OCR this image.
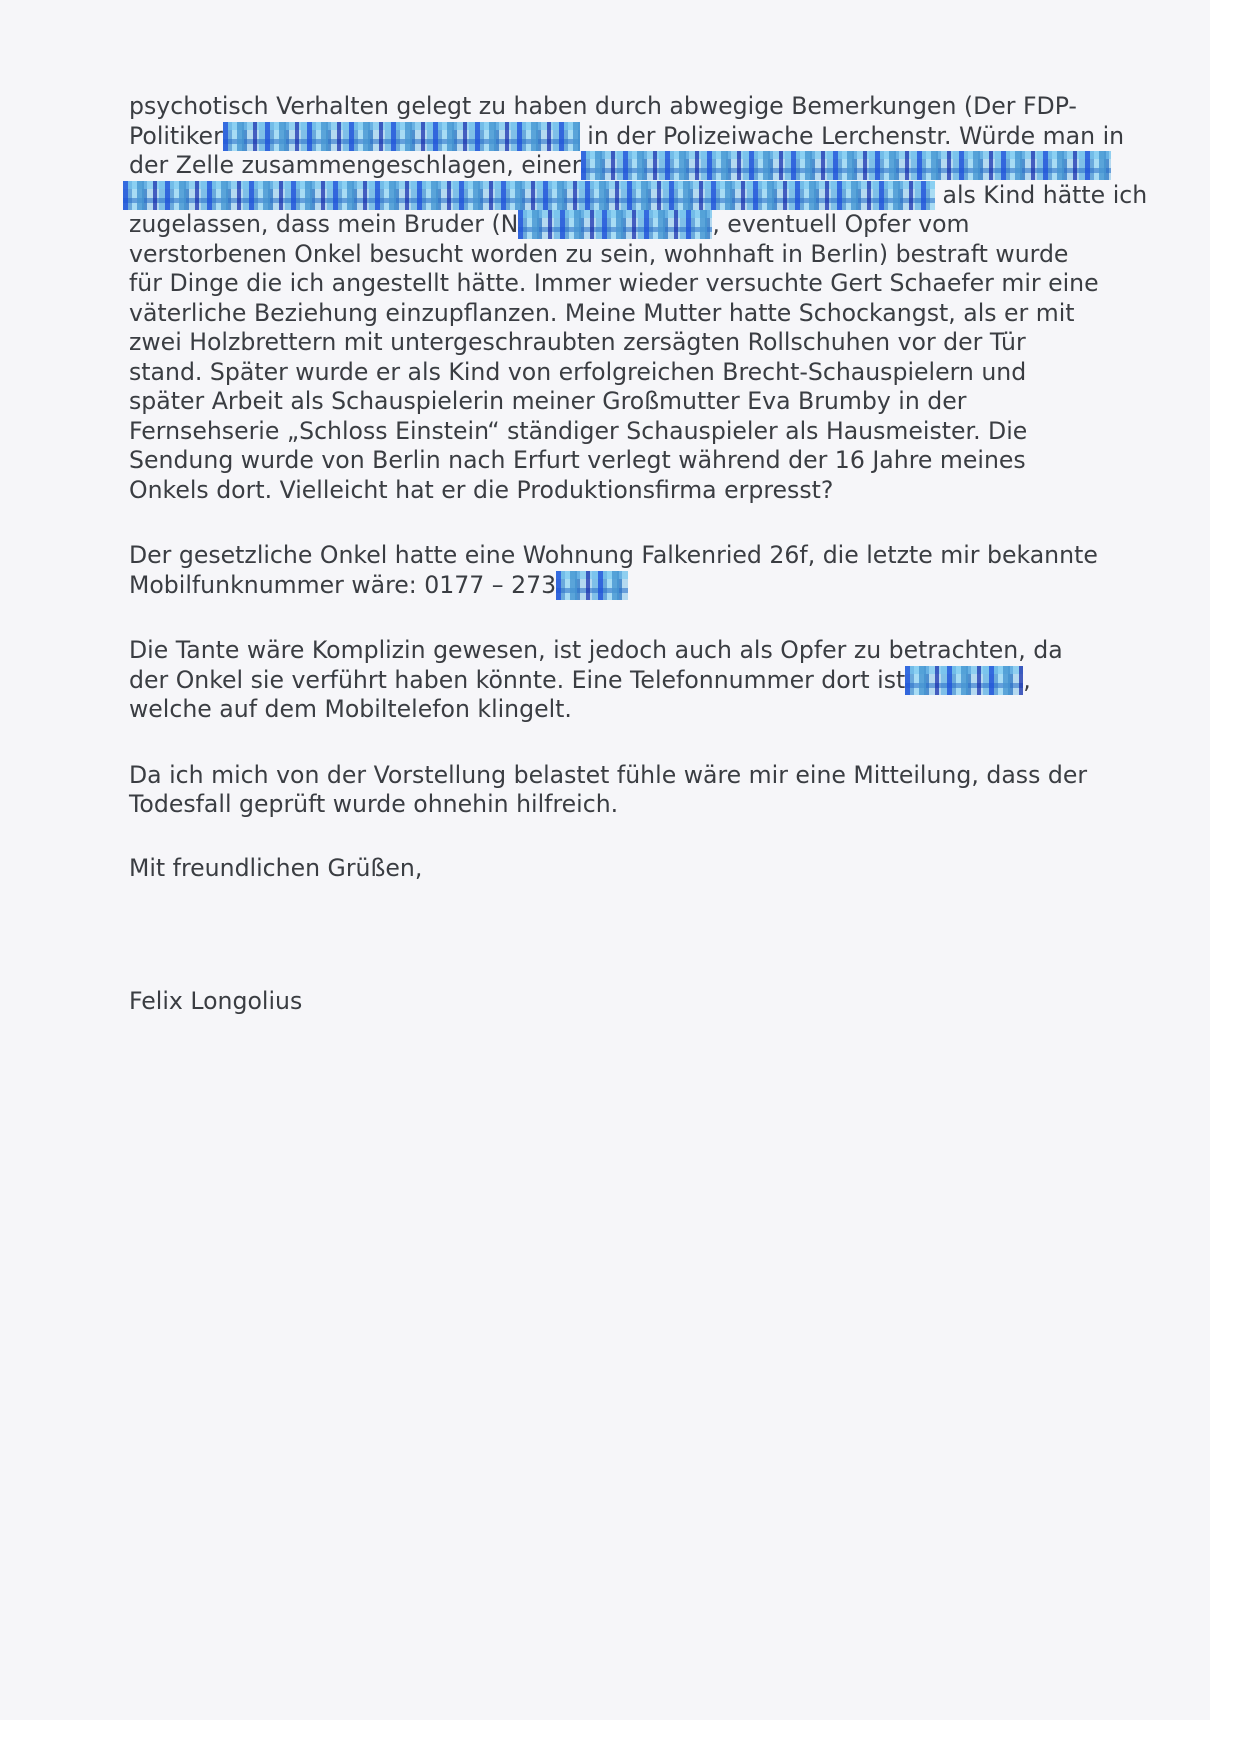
psychotisch Verhalten gelegt zu haben durch abwegige Bemerkungen (Der FDP-
Politiker	in der Polizeiwache Lerchenstr. Würde man in
der Zelle zusammengeschlagen, einer
als Kind hätte ich
zugelassen, dass mein Bruder (N	, eventuell Opfer vom
verstorbenen Onkel besucht worden zu sein, wohnhaft in Berlin) bestraft wurde
für Dinge die ich angestellt hätte. Immer wieder versuchte Gert Schaefer mir eine
väterliche Beziehung einzupflanzen. Meine Mutter hatte Schockangst, als er mit
zwei Holzbrettern mit untergeschraubten zersägten Rollschuhen vor der Tür
stand. Später wurde er als Kind von erfolgreichen Brecht-Schauspielern und
später Arbeit als Schauspielerin meiner Großmutter Eva Brumby in der
Fernsehserie „Schloss Einstein“ ständiger Schauspieler als Hausmeister. Die
Sendung wurde von Berlin nach Erfurt verlegt während der 16 Jahre meines
Onkels dort. Vielleicht hat er die Produktionsfirma erpresst?
Der gesetzliche Onkel hatte eine Wohnung Falkenried 26f, die letzte mir bekannte
Mobilfunknummer wäre: 0177 – 273
Die Tante wäre Komplizin gewesen, ist jedoch auch als Opfer zu betrachten, da
der Onkel sie verführt haben könnte. Eine Telefonnummer dort ist	,
welche auf dem Mobiltelefon klingelt.
Da ich mich von der Vorstellung belastet fühle wäre mir eine Mitteilung, dass der
Todesfall geprüft wurde ohnehin hilfreich.
Mit freundlichen Grüßen,
Felix Longolius
